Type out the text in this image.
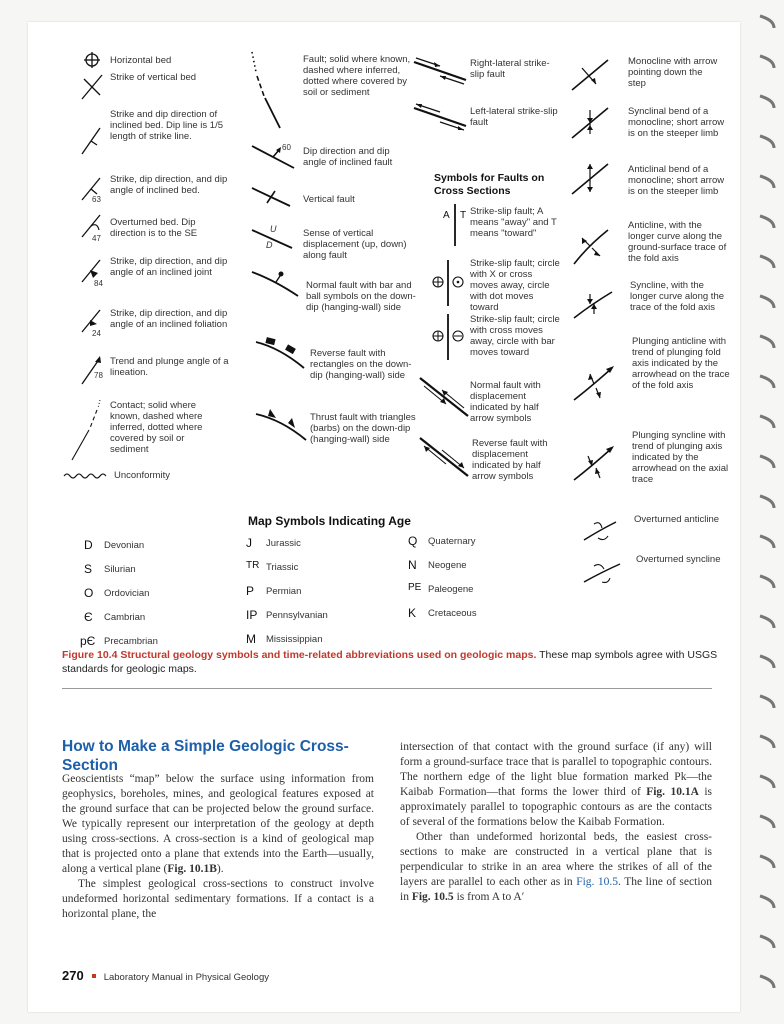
Horizontal bed
Strike of vertical bed
Strike and dip direction of inclined bed. Dip line is 1/5 length of strike line.
63
Strike, dip direction, and dip angle of inclined bed.
47
Overturned bed. Dip direction is to the SE
84
Strike, dip direction, and dip angle of an inclined joint
24
Strike, dip direction, and dip angle of an inclined foliation
78
Trend and plunge angle of a lineation.
Contact; solid where known, dashed where inferred, dotted where covered by soil or sediment
Unconformity
Fault; solid where known, dashed where inferred, dotted where covered by soil or sediment
60 Dip direction and dip angle of inclined fault
Vertical fault
U
D
Sense of vertical displacement (up, down) along fault
Normal fault with bar and ball symbols on the down-dip (hanging-wall) side
Reverse fault with rectangles on the down-dip (hanging-wall) side
Thrust fault with triangles (barbs) on the down-dip (hanging-wall) side
Right-lateral strike-slip fault
Left-lateral strike-slip fault
Symbols for Faults on Cross Sections
A T Strike-slip fault; A means "away" and T means "toward"
Strike-slip fault; circle with X or cross moves away, circle with dot moves toward
Strike-slip fault; circle with cross moves away, circle with bar moves toward
Normal fault with displacement indicated by half arrow symbols
Reverse fault with displacement indicated by half arrow symbols
Monocline with arrow pointing down the step
Synclinal bend of a monocline; short arrow is on the steeper limb
Anticlinal bend of a monocline; short arrow is on the steeper limb
Anticline, with the longer curve along the ground-surface trace of the fold axis
Syncline, with the longer curve along the trace of the fold axis
Plunging anticline with trend of plunging fold axis indicated by the arrowhead on the trace of the fold axis
Plunging syncline with trend of plunging axis indicated by the arrowhead on the axial trace
Overturned anticline
Overturned syncline
Map Symbols Indicating Age
D Devonian
S Silurian
O Ordovician
Є Cambrian
pЄ Precambrian
J Jurassic
TR Triassic
P Permian
IP Pennsylvanian
M Mississippian
Q Quaternary
N Neogene
PE Paleogene
K Cretaceous
Figure 10.4 Structural geology symbols and time-related abbreviations used on geologic maps. These map symbols agree with USGS standards for geologic maps.
How to Make a Simple Geologic Cross-Section

Geoscientists “map” below the surface using information from geophysics, boreholes, mines, and geological features exposed at the ground surface that can be projected below the ground surface. We typically represent our interpretation of the geology at depth using cross-sections. A cross-section is a kind of geological map that is projected onto a plane that extends into the Earth—usually, along a vertical plane (Fig. 10.1B).

The simplest geological cross-sections to construct involve undeformed horizontal sedimentary formations. If a contact is a horizontal plane, the

intersection of that contact with the ground surface (if any) will form a ground-surface trace that is parallel to topographic contours. The northern edge of the light blue formation marked Pk—the Kaibab Formation—that forms the lower third of Fig. 10.1A is approximately parallel to topographic contours as are the contacts of several of the formations below the Kaibab Formation.

Other than undeformed horizontal beds, the easiest cross-sections to make are constructed in a vertical plane that is perpendicular to strike in an area where the strikes of all of the layers are parallel to each other as in Fig. 10.5. The line of section in Fig. 10.5 is from A to A′

270 Laboratory Manual in Physical Geology
